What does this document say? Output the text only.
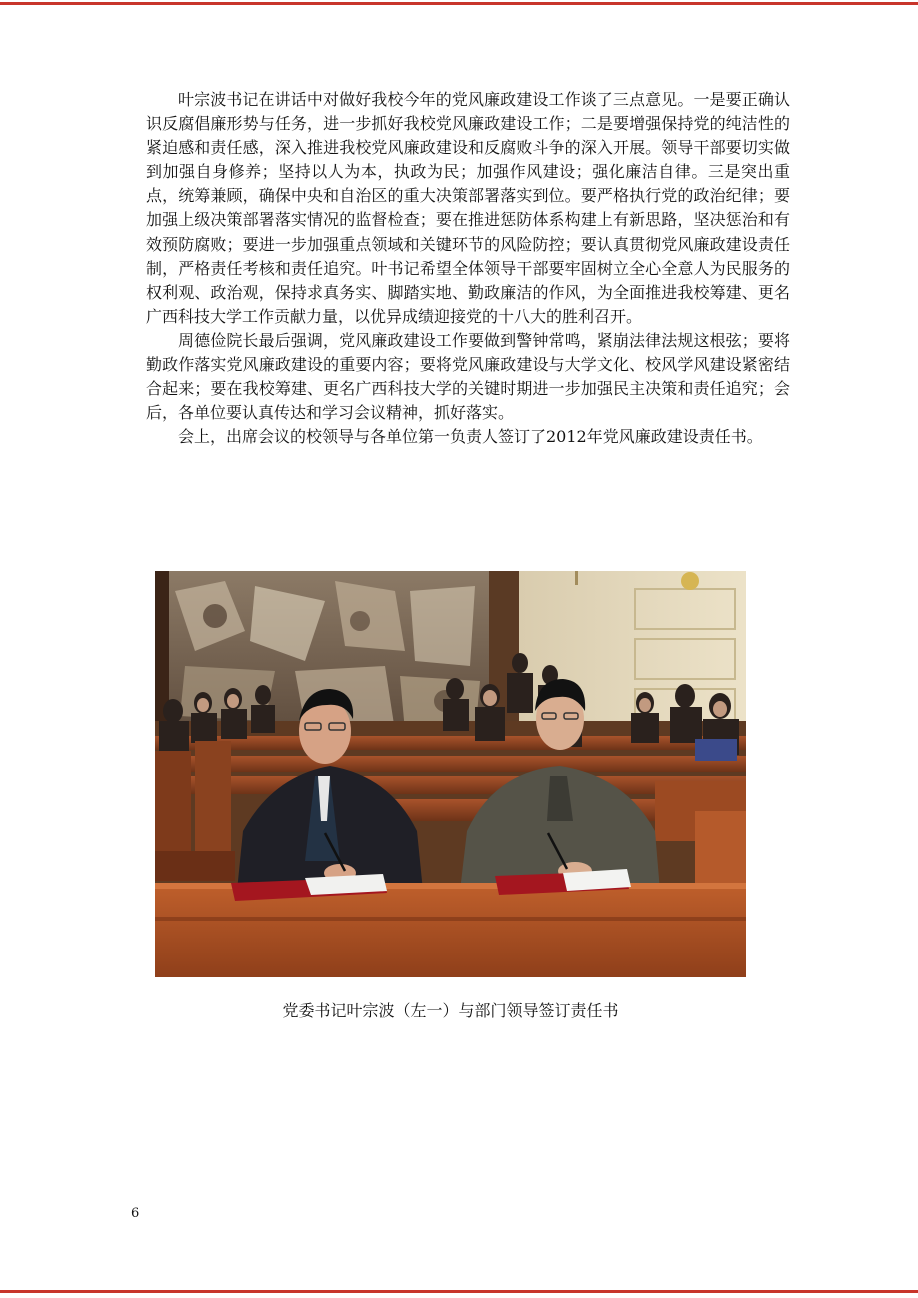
叶宗波书记在讲话中对做好我校今年的党风廉政建设工作谈了三点意见。一是要正确认识反腐倡廉形势与任务，进一步抓好我校党风廉政建设工作；二是要增强保持党的纯洁性的紧迫感和责任感，深入推进我校党风廉政建设和反腐败斗争的深入开展。领导干部要切实做到加强自身修养；坚持以人为本，执政为民；加强作风建设；强化廉洁自律。三是突出重点，统筹兼顾，确保中央和自治区的重大决策部署落实到位。要严格执行党的政治纪律；要加强上级决策部署落实情况的监督检查；要在推进惩防体系构建上有新思路，坚决惩治和有效预防腐败；要进一步加强重点领域和关键环节的风险防控；要认真贯彻党风廉政建设责任制，严格责任考核和责任追究。叶书记希望全体领导干部要牢固树立全心全意人为民服务的权利观、政治观，保持求真务实、脚踏实地、勤政廉洁的作风，为全面推进我校筹建、更名广西科技大学工作贡献力量，以优异成绩迎接党的十八大的胜利召开。

周德俭院长最后强调，党风廉政建设工作要做到警钟常鸣，紧崩法律法规这根弦；要将勤政作落实党风廉政建设的重要内容；要将党风廉政建设与大学文化、校风学风建设紧密结合起来；要在我校筹建、更名广西科技大学的关键时期进一步加强民主决策和责任追究；会后，各单位要认真传达和学习会议精神，抓好落实。

会上，出席会议的校领导与各单位第一负责人签订了2012年党风廉政建设责任书。

党委书记叶宗波（左一）与部门领导签订责任书
6
